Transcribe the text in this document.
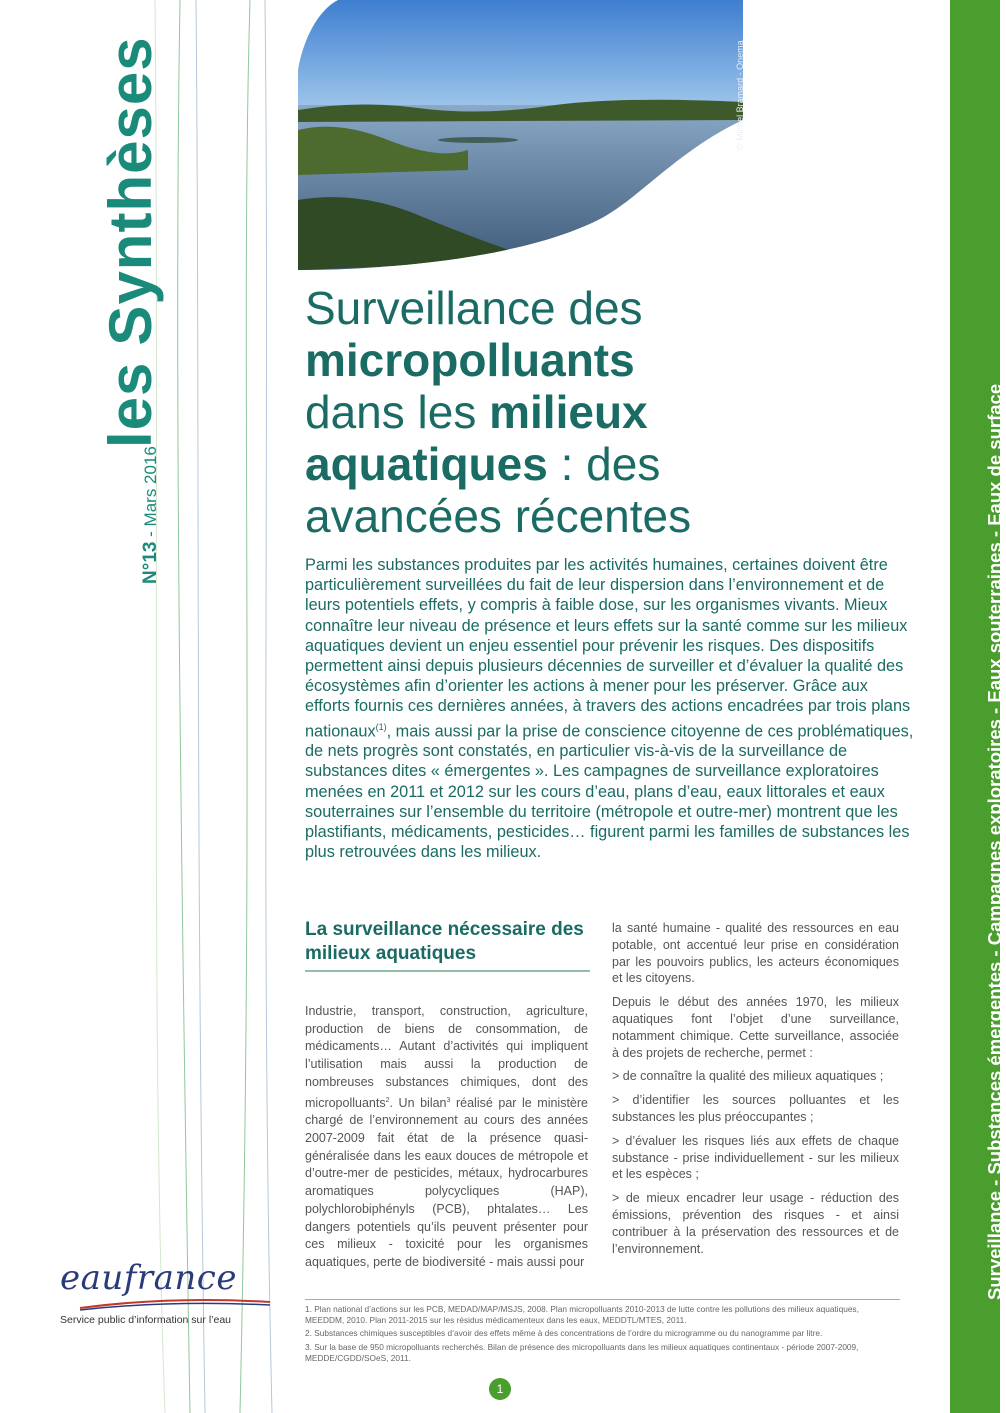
lesSynthèses
N°13 - Mars 2016
© Michel Bramard - Onema
Surveillance des
micropolluants
dans les milieux
aquatiques : des
avancées récentes
Parmi les substances produites par les activités humaines, certaines doivent être particulièrement surveillées du fait de leur dispersion dans l’environnement et de leurs potentiels effets, y compris à faible dose, sur les organismes vivants. Mieux connaître leur niveau de présence et leurs effets sur la santé comme sur les milieux aquatiques devient un enjeu essentiel pour prévenir les risques. Des dispositifs permettent ainsi depuis plusieurs décennies de surveiller et d’évaluer la qualité des écosystèmes afin d’orienter les actions à mener pour les préserver. Grâce aux efforts fournis ces dernières années, à travers des actions encadrées par trois plans nationaux$^{(1)}$, mais aussi par la prise de conscience citoyenne de ces problématiques, de nets progrès sont constatés, en particulier vis-à-vis de la surveillance de substances dites « émergentes ». Les campagnes de surveillance exploratoires menées en 2011 et 2012 sur les cours d’eau, plans d’eau, eaux littorales et eaux souterraines sur l’ensemble du territoire (métropole et outre-mer) montrent que les plastifiants, médicaments, pesticides… figurent parmi les familles de substances les plus retrouvées dans les milieux.
La surveillance nécessaire des milieux aquatiques
Industrie, transport, construction, agriculture, production de biens de consommation, de médicaments… Autant d’activités qui impliquent l’utilisation mais aussi la production de nombreuses substances chimiques, dont des micropolluants$^2$. Un bilan$^3$ réalisé par le ministère chargé de l’environnement au cours des années 2007-2009 fait état de la présence quasi-généralisée dans les eaux douces de métropole et d’outre-mer de pesticides, métaux, hydrocarbures aromatiques polycycliques (HAP), polychlorobiphényls (PCB), phtalates… Les dangers potentiels qu’ils peuvent présenter pour ces milieux - toxicité pour les organismes aquatiques, perte de biodiversité - mais aussi pour

la santé humaine - qualité des ressources en eau potable, ont accentué leur prise en considération par les pouvoirs publics, les acteurs économiques et les citoyens.

Depuis le début des années 1970, les milieux aquatiques font l’objet d’une surveillance, notamment chimique. Cette surveillance, associée à des projets de recherche, permet :

> de connaître la qualité des milieux aquatiques ;

> d’identifier les sources polluantes et les substances les plus préoccupantes ;

> d’évaluer les risques liés aux effets de chaque substance - prise individuellement - sur les milieux et les espèces ;

> de mieux encadrer leur usage - réduction des émissions, prévention des risques - et ainsi contribuer à la préservation des ressources et de l’environnement.

1. Plan national d’actions sur les PCB, MEDAD/MAP/MSJS, 2008. Plan micropolluants 2010-2013 de lutte contre les pollutions des milieux aquatiques, MEEDDM, 2010. Plan 2011-2015 sur les résidus médicamenteux dans les eaux, MEDDTL/MTES, 2011.

2. Substances chimiques susceptibles d’avoir des effets même à des concentrations de l’ordre du microgramme ou du nanogramme par litre.

3. Sur la base de 950 micropolluants recherchés. Bilan de présence des micropolluants dans les milieux aquatiques continentaux - période 2007-2009, MEDDE/CGDD/SOeS, 2011.

eaufrance
Service public d’information sur l’eau
1
Surveillance - Substances émergentes - Campagnes exploratoires - Eaux souterraines - Eaux de surface
